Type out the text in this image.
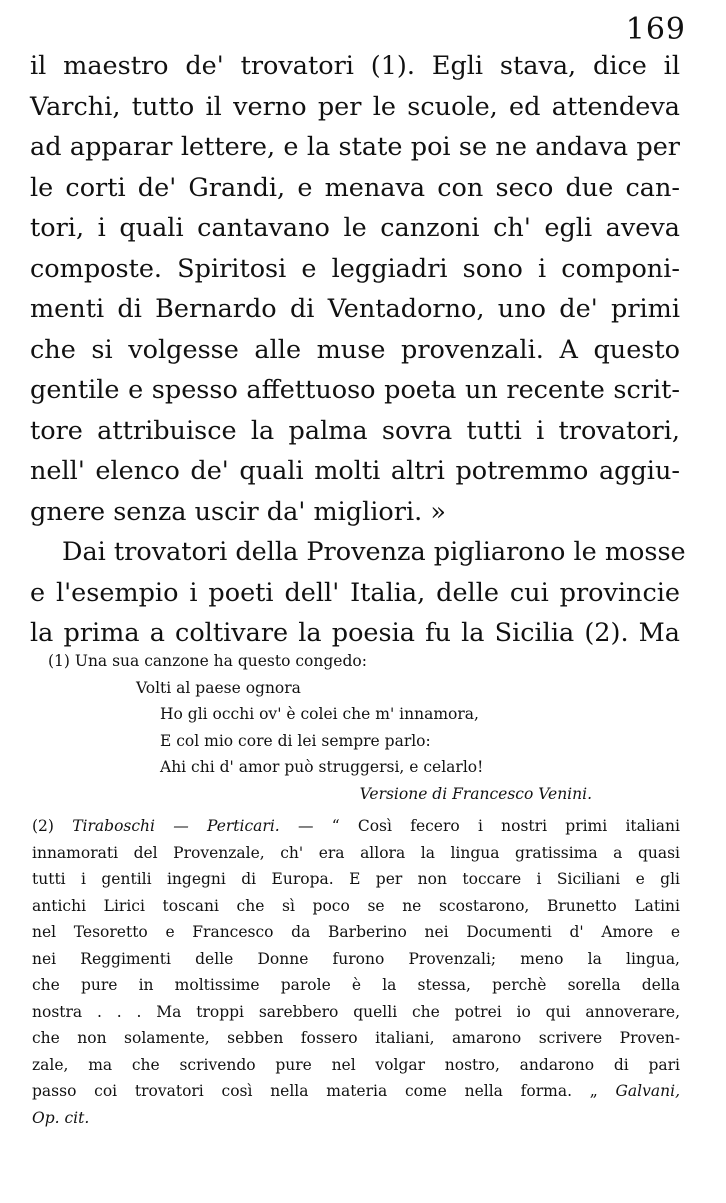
169
il maestro de' trovatori (1). Egli stava, dice il
Varchi, tutto il verno per le scuole, ed attendeva
ad apparar lettere, e la state poi se ne andava per
le corti de' Grandi, e menava con seco due can-
tori, i quali cantavano le canzoni ch' egli aveva
composte. Spiritosi e leggiadri sono i componi-
menti di Bernardo di Ventadorno, uno de' primi
che si volgesse alle muse provenzali. A questo
gentile e spesso affettuoso poeta un recente scrit-
tore attribuisce la palma sovra tutti i trovatori,
nell' elenco de' quali molti altri potremmo aggiu-
gnere senza uscir da' migliori. »
Dai trovatori della Provenza pigliarono le mosse
e l'esempio i poeti dell' Italia, delle cui provincie
la prima a coltivare la poesia fu la Sicilia (2). Ma
(1) Una sua canzone ha questo congedo:
Volti al paese ognora
Ho gli occhi ov' è colei che m' innamora,
E col mio core di lei sempre parlo:
Ahi chi d' amor può struggersi, e celarlo!
Versione di Francesco Venini.
(2) Tiraboschi — Perticari. — “ Così fecero i nostri primi italiani
innamorati del Provenzale, ch' era allora la lingua gratissima a quasi
tutti i gentili ingegni di Europa. E per non toccare i Siciliani e gli
antichi Lirici toscani che sì poco se ne scostarono, Brunetto Latini
nel Tesoretto e Francesco da Barberino nei Documenti d' Amore e
nei Reggimenti delle Donne furono Provenzali; meno la lingua,
che pure in moltissime parole è la stessa, perchè sorella della
nostra . . . Ma troppi sarebbero quelli che potrei io qui annoverare,
che non solamente, sebben fossero italiani, amarono scrivere Proven-
zale, ma che scrivendo pure nel volgar nostro, andarono di pari
passo coi trovatori così nella materia come nella forma. „ Galvani,
Op. cit.
